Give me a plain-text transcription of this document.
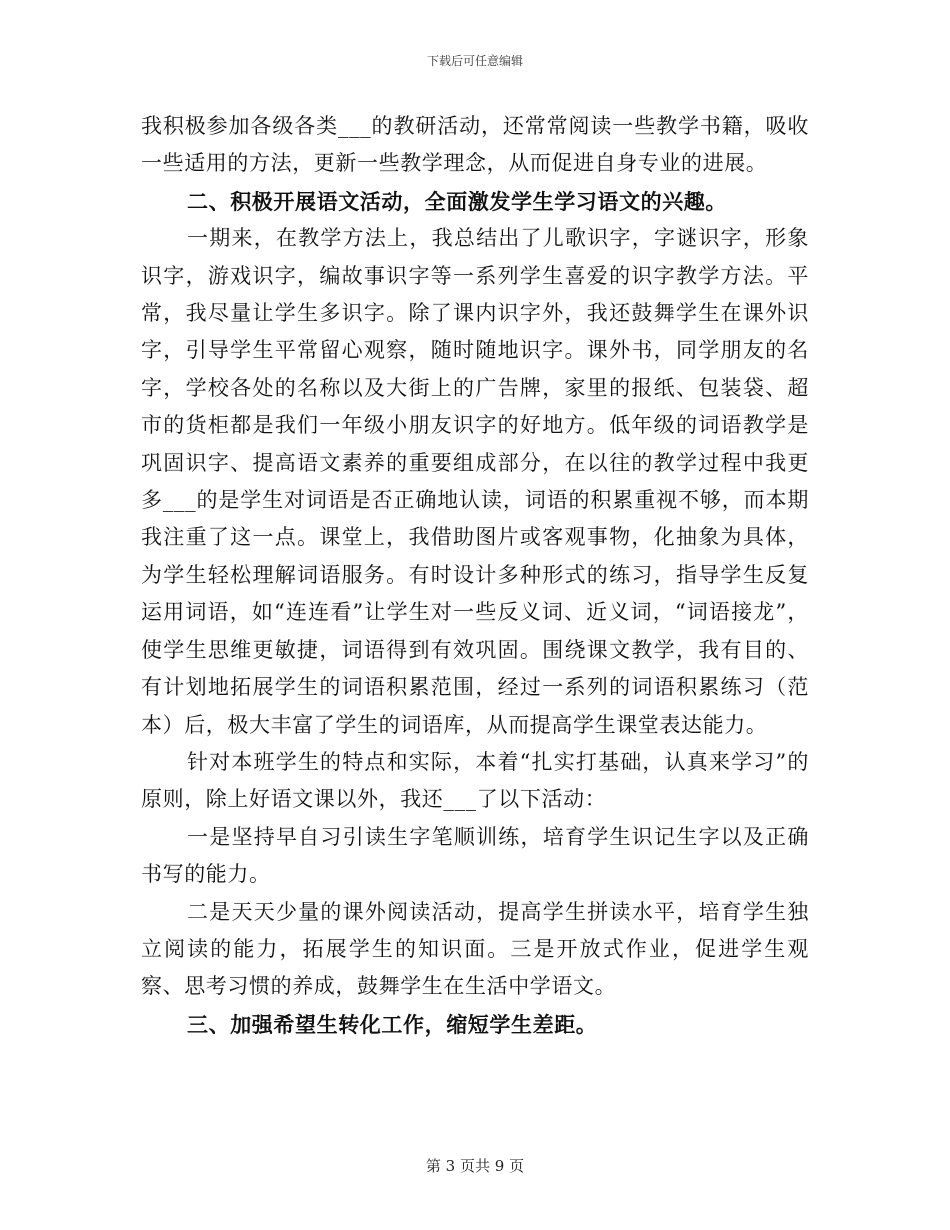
下载后可任意编辑

我积极参加各级各类___的教研活动，还常常阅读一些教学书籍，吸收一些适用的方法，更新一些教学理念，从而促进自身专业的进展。

二、积极开展语文活动，全面激发学生学习语文的兴趣。

一期来，在教学方法上，我总结出了儿歌识字，字谜识字，形象识字，游戏识字，编故事识字等一系列学生喜爱的识字教学方法。平常，我尽量让学生多识字。除了课内识字外，我还鼓舞学生在课外识字，引导学生平常留心观察，随时随地识字。课外书，同学朋友的名字，学校各处的名称以及大街上的广告牌，家里的报纸、包装袋、超市的货柜都是我们一年级小朋友识字的好地方。低年级的词语教学是巩固识字、提高语文素养的重要组成部分，在以往的教学过程中我更多___的是学生对词语是否正确地认读，词语的积累重视不够，而本期我注重了这一点。课堂上，我借助图片或客观事物，化抽象为具体，为学生轻松理解词语服务。有时设计多种形式的练习，指导学生反复运用词语，如“连连看”让学生对一些反义词、近义词，“词语接龙”，使学生思维更敏捷，词语得到有效巩固。围绕课文教学，我有目的、有计划地拓展学生的词语积累范围，经过一系列的词语积累练习（范本）后，极大丰富了学生的词语库，从而提高学生课堂表达能力。

针对本班学生的特点和实际，本着“扎实打基础，认真来学习”的原则，除上好语文课以外，我还___了以下活动：

一是坚持早自习引读生字笔顺训练，培育学生识记生字以及正确书写的能力。

二是天天少量的课外阅读活动，提高学生拼读水平，培育学生独立阅读的能力，拓展学生的知识面。三是开放式作业，促进学生观察、思考习惯的养成，鼓舞学生在生活中学语文。

三、加强希望生转化工作，缩短学生差距。

第 3 页共 9 页
